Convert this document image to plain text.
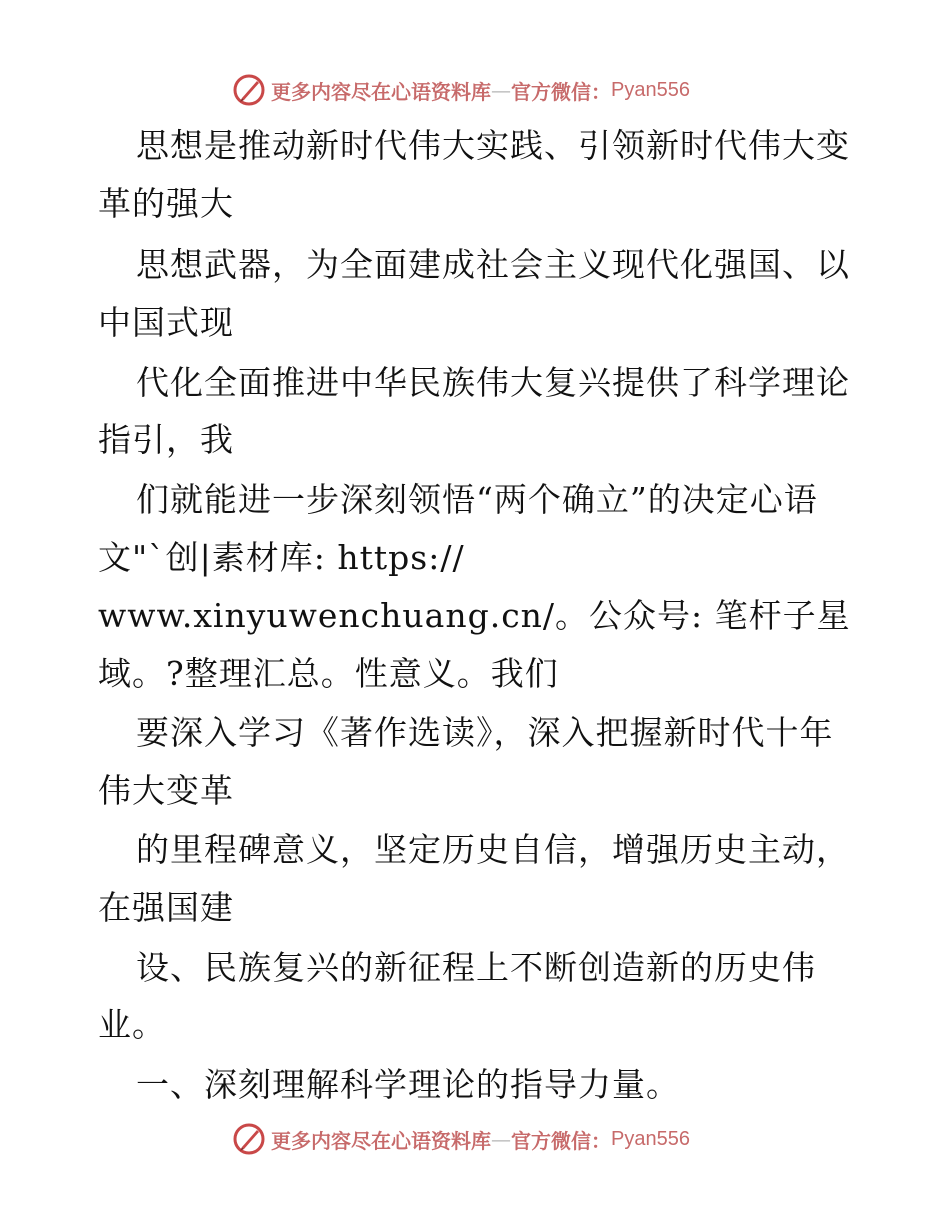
更多内容尽在心语资料库 — 官方微信： Pyan556
思想是推动新时代伟大实践、引领新时代伟大变
革的强大
思想武器，为全面建成社会主义现代化强国、以
中国式现
代化全面推进中华民族伟大复兴提供了科学理论
指引，我
们就能进一步深刻领悟“两个确立”的决定心语
文"`创|素材库: https://
www.xinyuwenchuang.cn/。公众号: 笔杆子星
域。?整理汇总。性意义。我们
要深入学习《著作选读》，深入把握新时代十年
伟大变革
的里程碑意义，坚定历史自信，增强历史主动，
在强国建
设、民族复兴的新征程上不断创造新的历史伟
业。
一、深刻理解科学理论的指导力量。
更多内容尽在心语资料库 — 官方微信： Pyan556
